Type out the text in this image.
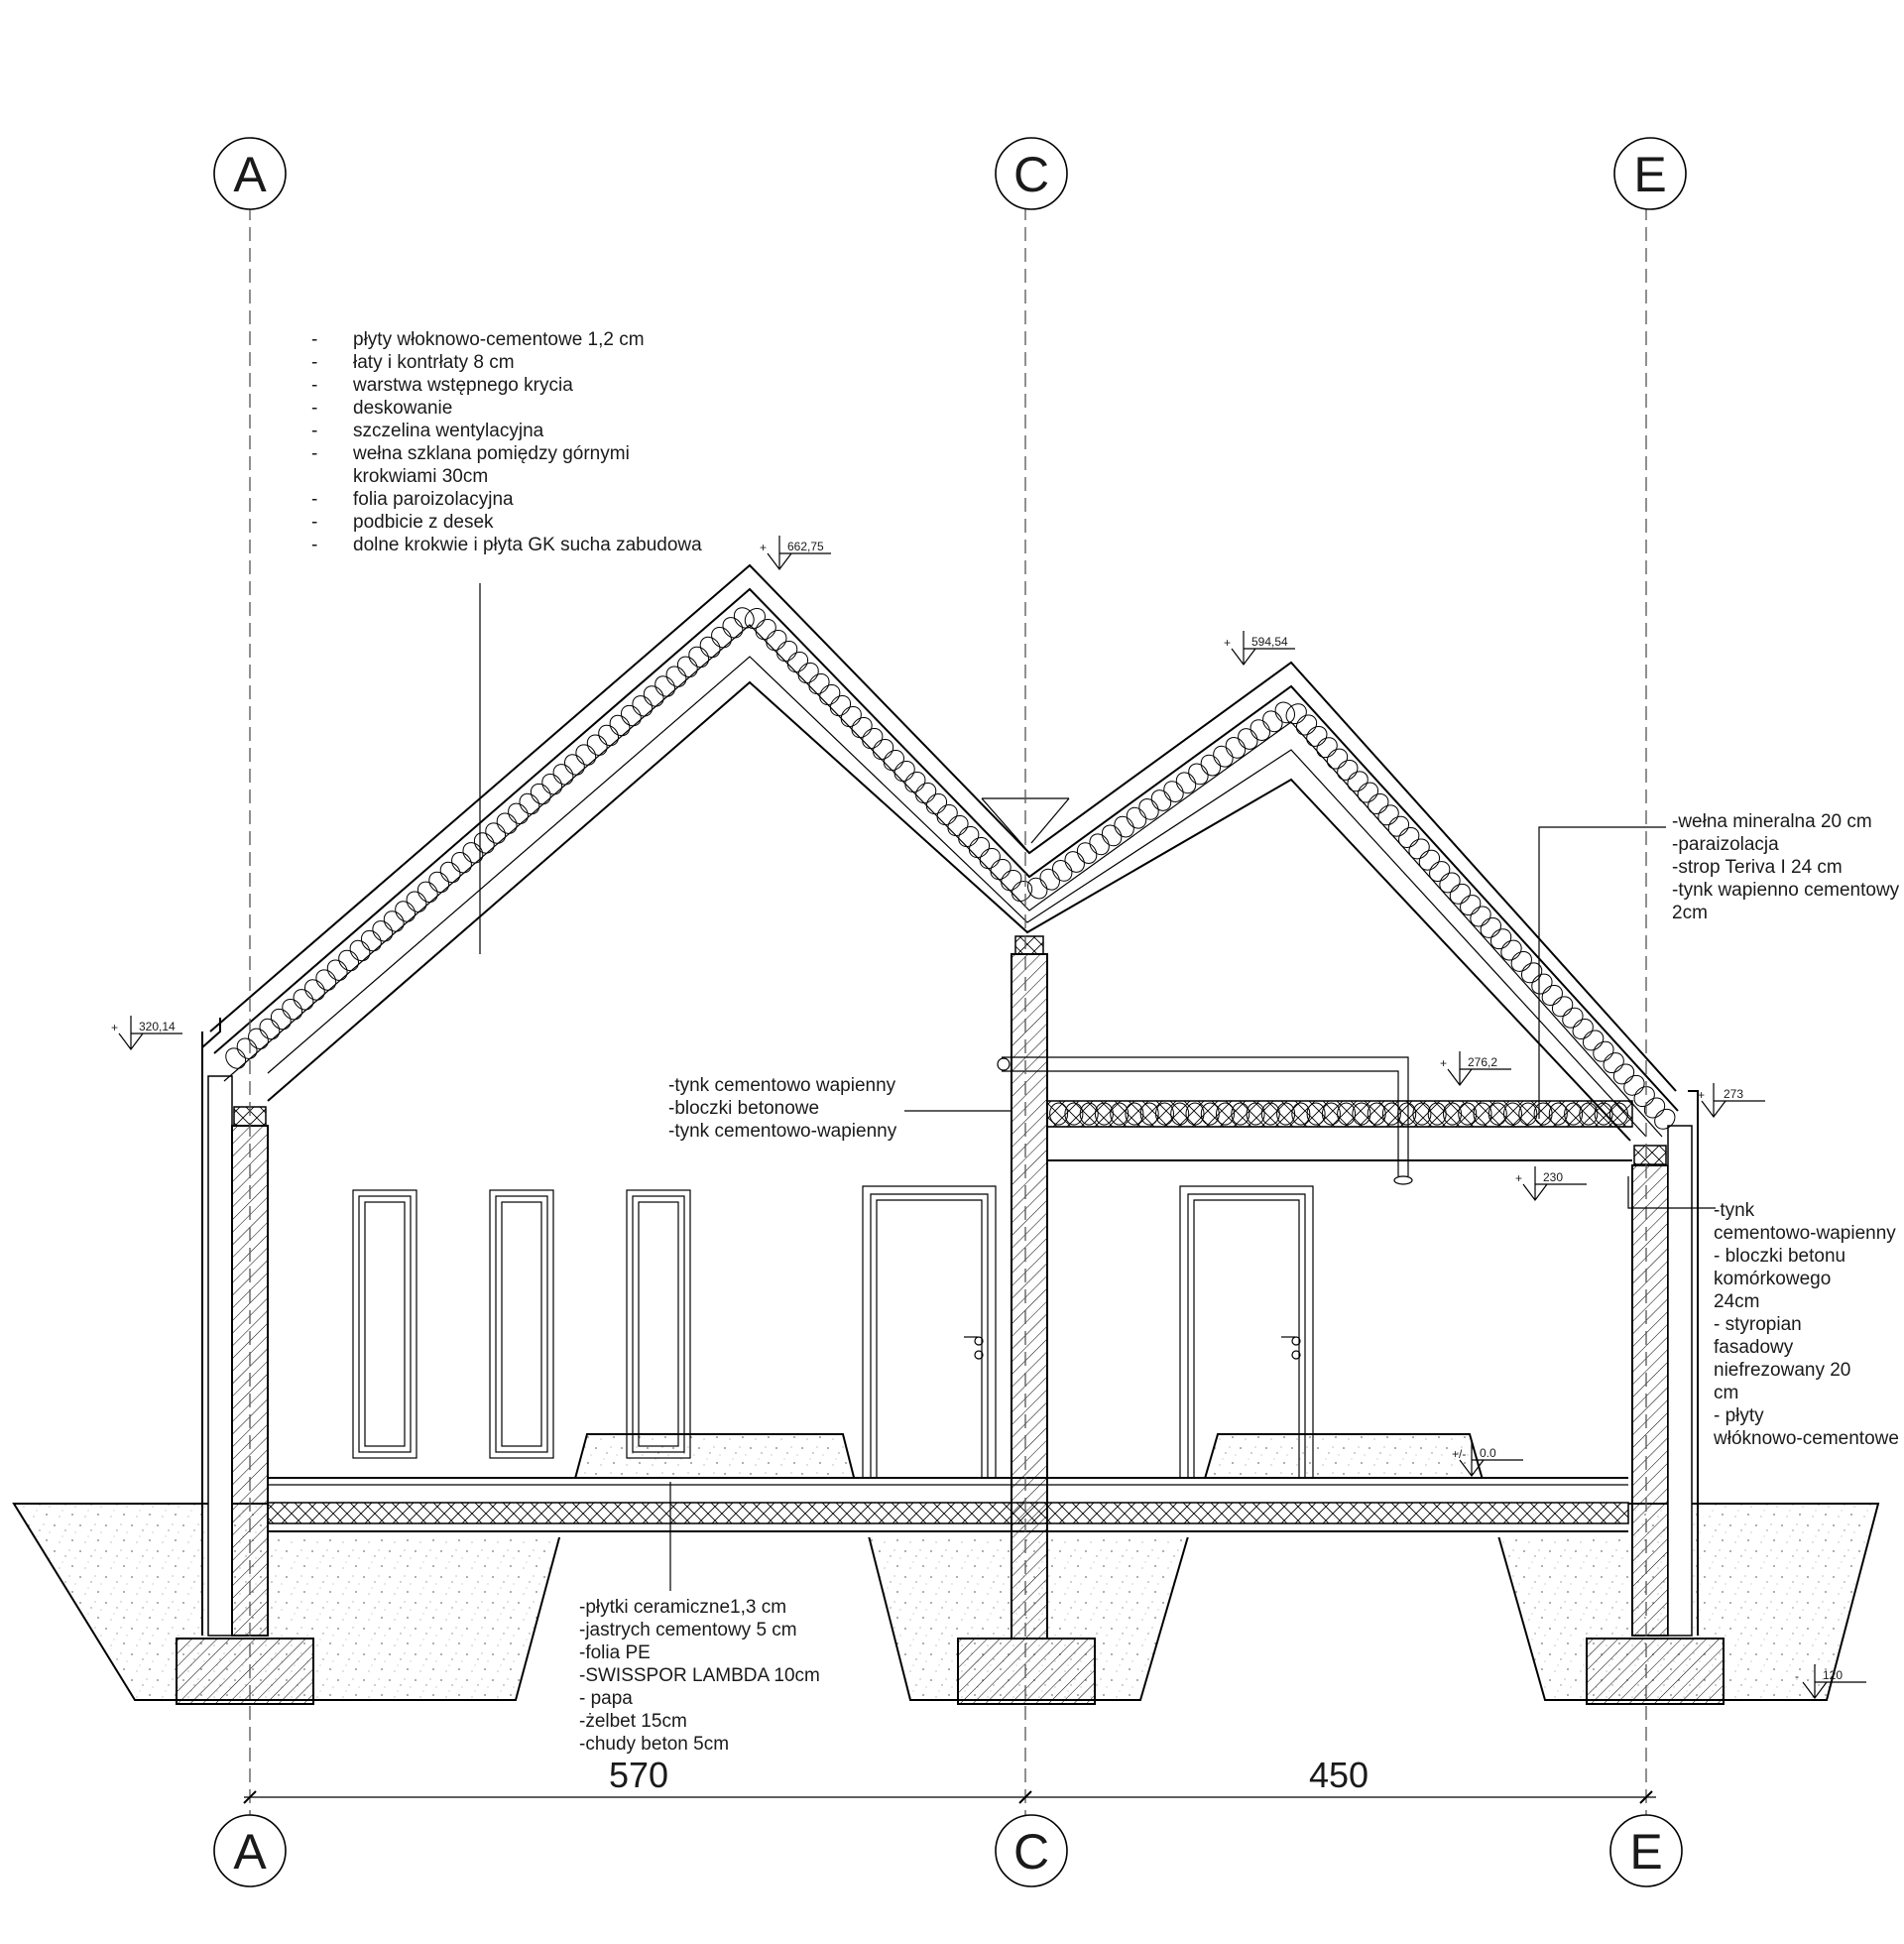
A	C	E
A	C	E
570	450
+ 662,75
+ 594,54
+ 320,14
+ 276,2
+ 273
+ 230
+/- 0.0
- 120
- płyty włoknowo-cementowe 1,2 cm
- łaty i kontrłaty 8 cm
- warstwa wstępnego krycia
- deskowanie
- szczelina wentylacyjna
- wełna szklana pomiędzy górnymi
krokwiami 30cm
- folia paroizolacyjna
- podbicie z desek
- dolne krokwie i płyta GK sucha zabudowa
-wełna mineralna 20 cm
-paraizolacja
-strop Teriva I 24 cm
-tynk wapienno cementowy
2cm
-tynk cementowo wapienny
-bloczki betonowe
-tynk cementowo-wapienny
-tynk
cementowo-wapienny
- bloczki betonu
komórkowego
24cm
- styropian
fasadowy
niefrezowany 20
cm
- płyty
włóknowo-cementowe
-płytki ceramiczne1,3 cm
-jastrych cementowy 5 cm
-folia PE
-SWISSPOR LAMBDA 10cm
- papa
-żelbet 15cm
-chudy beton 5cm
